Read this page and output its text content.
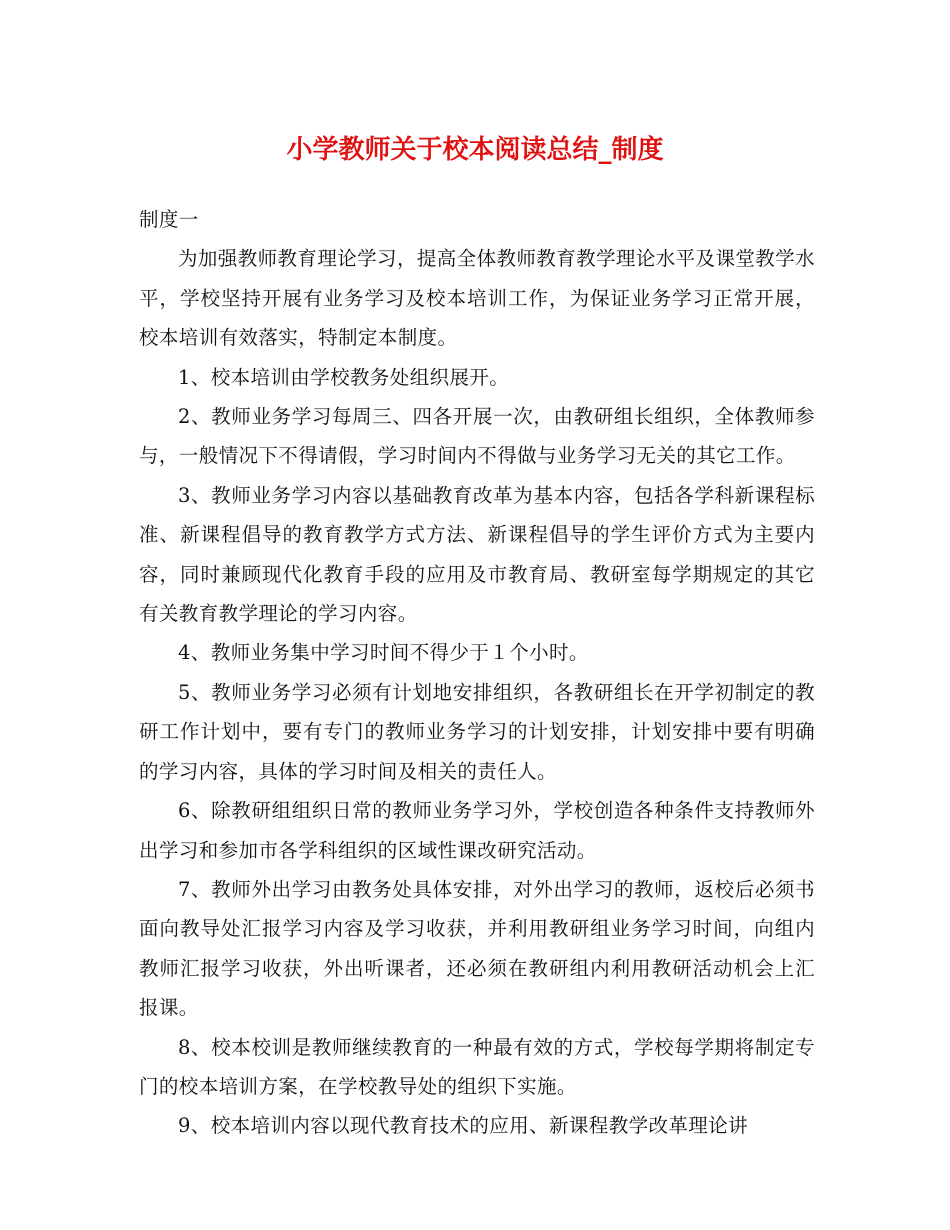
小学教师关于校本阅读总结_制度

制度一

为加强教师教育理论学习，提高全体教师教育教学理论水平及课堂教学水平，学校坚持开展有业务学习及校本培训工作，为保证业务学习正常开展，校本培训有效落实，特制定本制度。

1、校本培训由学校教务处组织展开。

2、教师业务学习每周三、四各开展一次，由教研组长组织，全体教师参与，一般情况下不得请假，学习时间内不得做与业务学习无关的其它工作。

3、教师业务学习内容以基础教育改革为基本内容，包括各学科新课程标准、新课程倡导的教育教学方式方法、新课程倡导的学生评价方式为主要内容，同时兼顾现代化教育手段的应用及市教育局、教研室每学期规定的其它有关教育教学理论的学习内容。

4、教师业务集中学习时间不得少于１个小时。

5、教师业务学习必须有计划地安排组织，各教研组长在开学初制定的教研工作计划中，要有专门的教师业务学习的计划安排，计划安排中要有明确的学习内容，具体的学习时间及相关的责任人。

6、除教研组组织日常的教师业务学习外，学校创造各种条件支持教师外出学习和参加市各学科组织的区域性课改研究活动。

7、教师外出学习由教务处具体安排，对外出学习的教师，返校后必须书面向教导处汇报学习内容及学习收获，并利用教研组业务学习时间，向组内教师汇报学习收获，外出听课者，还必须在教研组内利用教研活动机会上汇报课。

8、校本校训是教师继续教育的一种最有效的方式，学校每学期将制定专门的校本培训方案，在学校教导处的组织下实施。

9、校本培训内容以现代教育技术的应用、新课程教学改革理论讲
